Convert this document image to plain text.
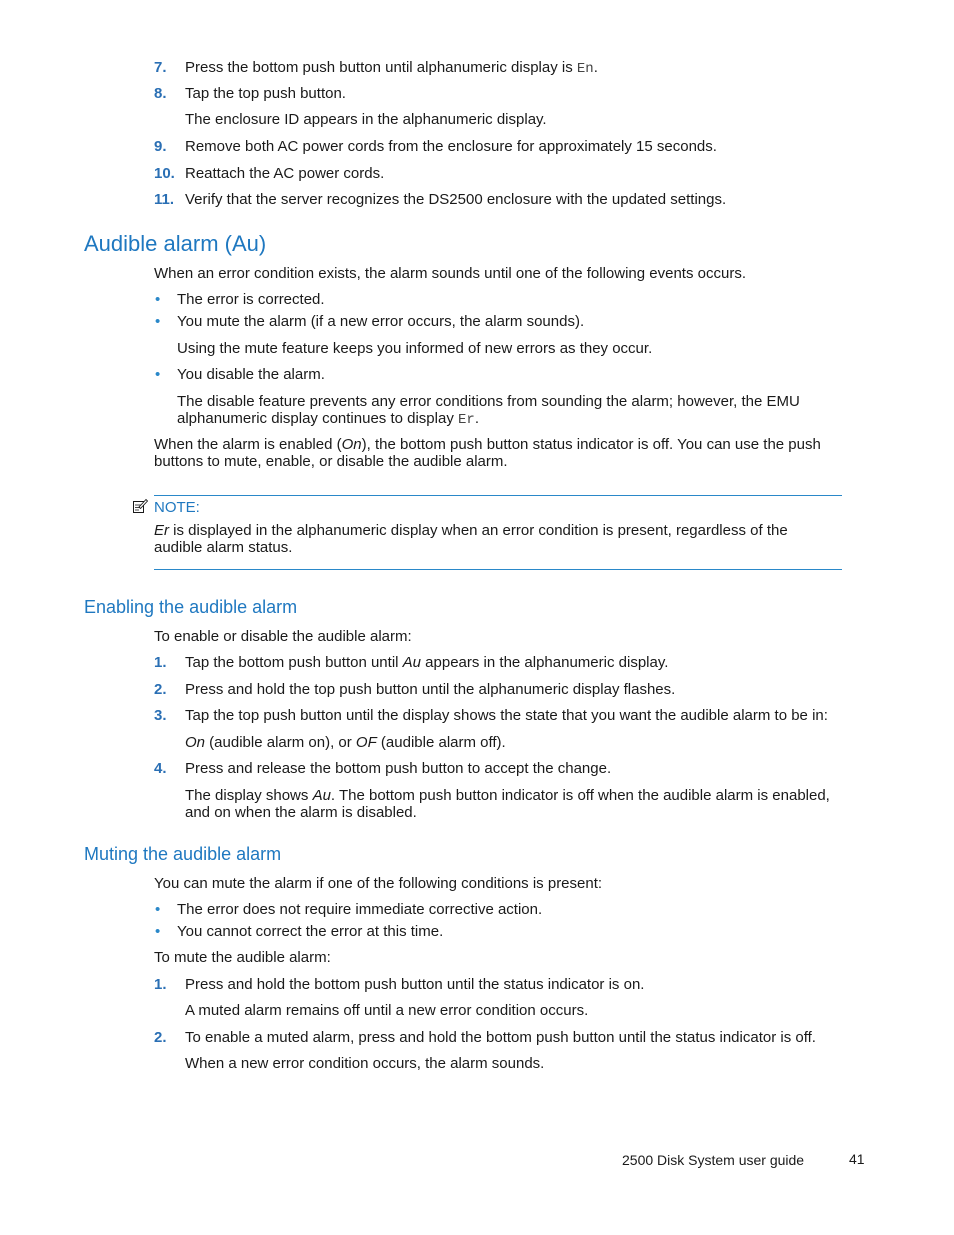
7. Press the bottom push button until alphanumeric display is En.
8. Tap the top push button.
The enclosure ID appears in the alphanumeric display.
9. Remove both AC power cords from the enclosure for approximately 15 seconds.
10. Reattach the AC power cords.
11. Verify that the server recognizes the DS2500 enclosure with the updated settings.
Audible alarm (Au)
When an error condition exists, the alarm sounds until one of the following events occurs.
• The error is corrected.
• You mute the alarm (if a new error occurs, the alarm sounds).
Using the mute feature keeps you informed of new errors as they occur.
• You disable the alarm.
The disable feature prevents any error conditions from sounding the alarm; however, the EMU
alphanumeric display continues to display Er.
When the alarm is enabled (On), the bottom push button status indicator is off. You can use the push
buttons to mute, enable, or disable the audible alarm.
NOTE:
Er is displayed in the alphanumeric display when an error condition is present, regardless of the
audible alarm status.
Enabling the audible alarm
To enable or disable the audible alarm:
1. Tap the bottom push button until Au appears in the alphanumeric display.
2. Press and hold the top push button until the alphanumeric display flashes.
3. Tap the top push button until the display shows the state that you want the audible alarm to be in:
On (audible alarm on), or OF (audible alarm off).
4. Press and release the bottom push button to accept the change.
The display shows Au. The bottom push button indicator is off when the audible alarm is enabled,
and on when the alarm is disabled.
Muting the audible alarm
You can mute the alarm if one of the following conditions is present:
• The error does not require immediate corrective action.
• You cannot correct the error at this time.
To mute the audible alarm:
1. Press and hold the bottom push button until the status indicator is on.
A muted alarm remains off until a new error condition occurs.
2. To enable a muted alarm, press and hold the bottom push button until the status indicator is off.
When a new error condition occurs, the alarm sounds.
2500 Disk System user guide	41
